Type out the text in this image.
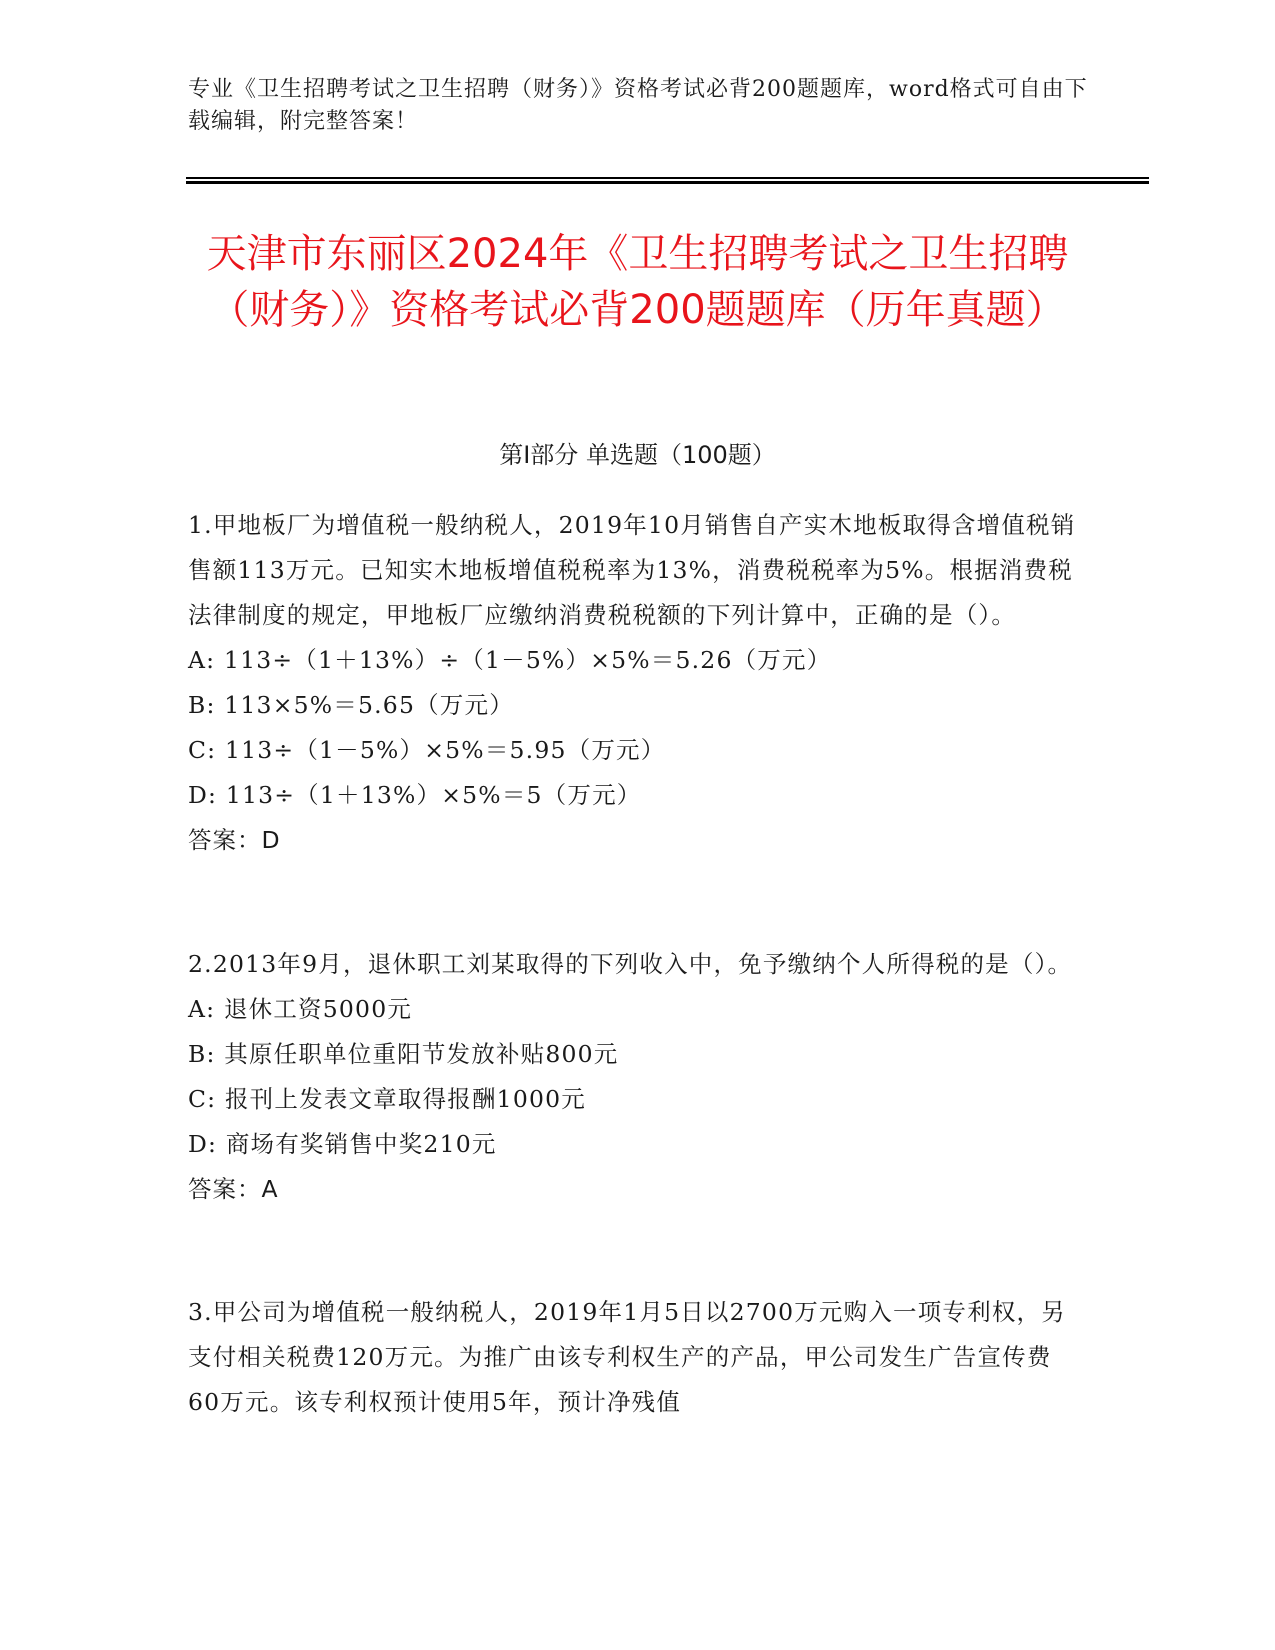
专业《卫生招聘考试之卫生招聘（财务）》资格考试必背200题题库，word格式可自由下载编辑，附完整答案！
天津市东丽区2024年《卫生招聘考试之卫生招聘（财务）》资格考试必背200题题库（历年真题）
第Ⅰ部分 单选题（100题）

1.甲地板厂为增值税一般纳税人，2019年10月销售自产实木地板取得含增值税销售额113万元。已知实木地板增值税税率为13%，消费税税率为5%。根据消费税法律制度的规定，甲地板厂应缴纳消费税税额的下列计算中，正确的是（）。

A: 113÷（1＋13%）÷（1－5%）×5%＝5.26（万元）

B: 113×5%＝5.65（万元）

C: 113÷（1－5%）×5%＝5.95（万元）

D: 113÷（1＋13%）×5%＝5（万元）

答案：D

2.2013年9月，退休职工刘某取得的下列收入中，免予缴纳个人所得税的是（）。

A: 退休工资5000元

B: 其原任职单位重阳节发放补贴800元

C: 报刊上发表文章取得报酬1000元

D: 商场有奖销售中奖210元

答案：A

3.甲公司为增值税一般纳税人，2019年1月5日以2700万元购入一项专利权，另支付相关税费120万元。为推广由该专利权生产的产品，甲公司发生广告宣传费60万元。该专利权预计使用5年，预计净残值
